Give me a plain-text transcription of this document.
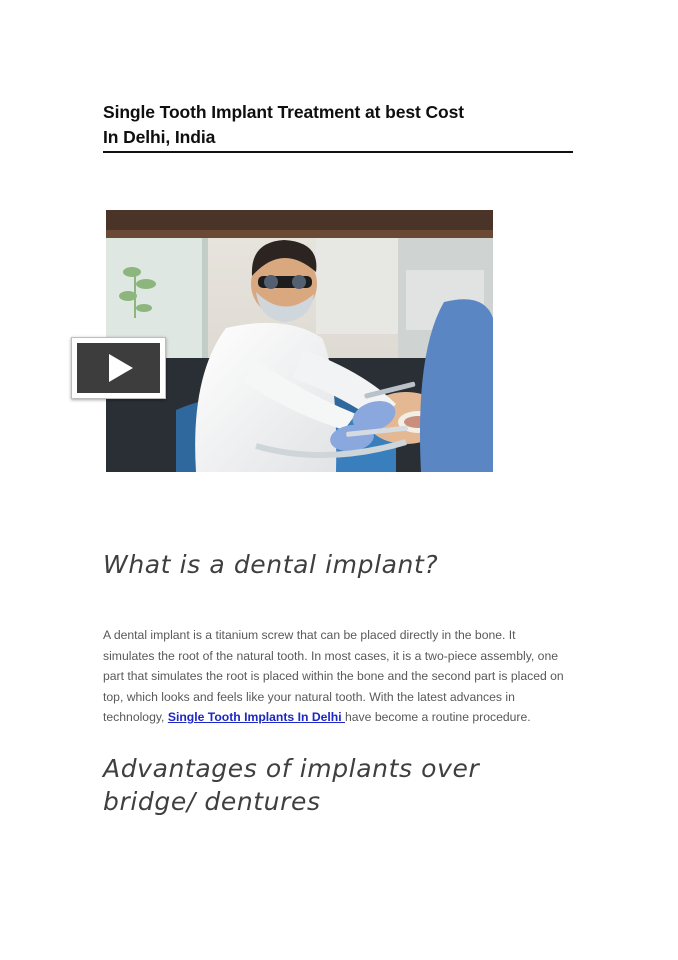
Single Tooth Implant Treatment at best Cost
In Delhi, India
What is a dental implant?

A dental implant is a titanium screw that can be placed directly in the bone. It simulates the root of the natural tooth. In most cases, it is a two-piece assembly, one part that simulates the root is placed within the bone and the second part is placed on top, which looks and feels like your natural tooth. With the latest advances in technology, Single Tooth Implants In Delhi have become a routine procedure.

Advantages of implants over bridge/ dentures
